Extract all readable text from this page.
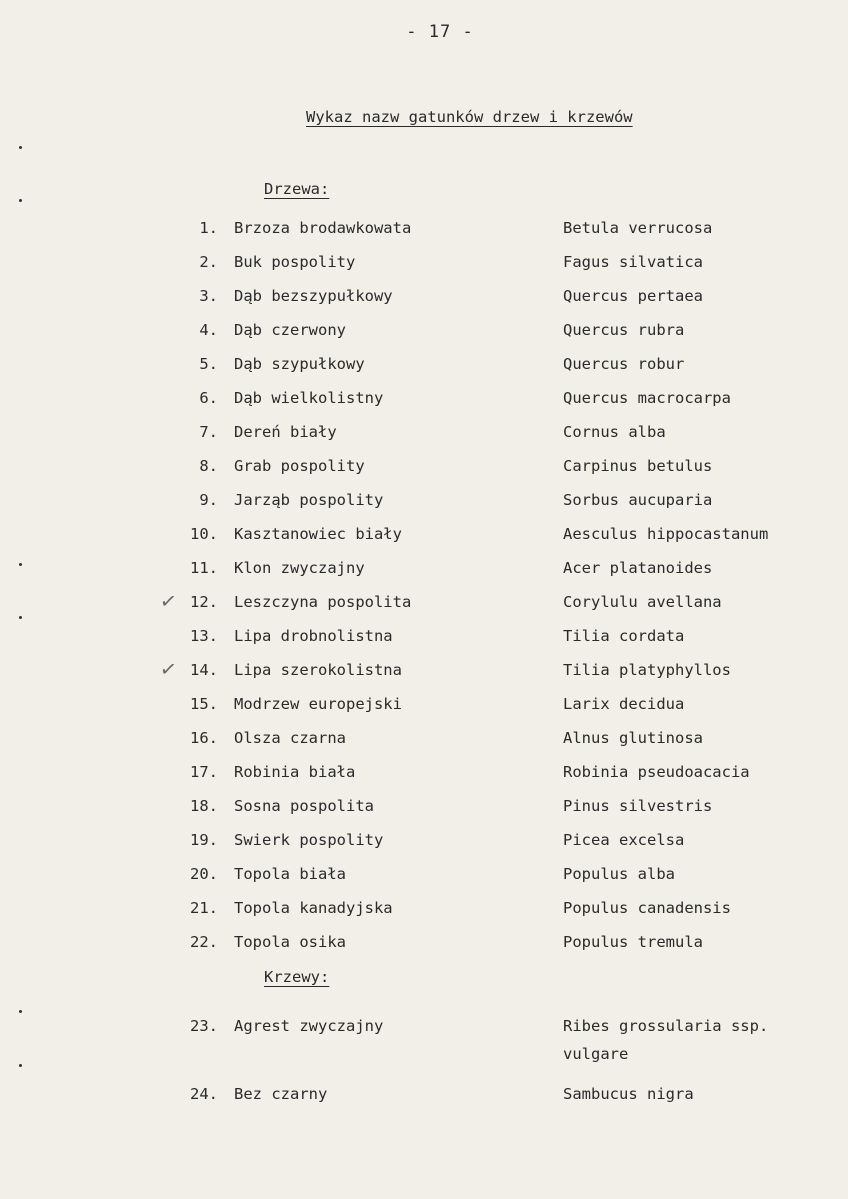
- 17 -
Wykaz nazw gatunków drzew i krzewów
Drzewa:
1. Brzoza brodawkowata	Betula verrucosa
2. Buk pospolity	Fagus silvatica
3. Dąb bezszypułkowy	Quercus pertaea
4. Dąb czerwony	Quercus rubra
5. Dąb szypułkowy	Quercus robur
6. Dąb wielkolistny	Quercus macrocarpa
7. Dereń biały	Cornus alba
8. Grab pospolity	Carpinus betulus
9. Jarząb pospolity	Sorbus aucuparia
10. Kasztanowiec biały	Aesculus hippocastanum
11. Klon zwyczajny	Acer platanoides
✓ 12. Leszczyna pospolita	Corylulu avellana
13. Lipa drobnolistna	Tilia cordata
✓ 14. Lipa szerokolistna	Tilia platyphyllos
15. Modrzew europejski	Larix decidua
16. Olsza czarna	Alnus glutinosa
17. Robinia biała	Robinia pseudoacacia
18. Sosna pospolita	Pinus silvestris
19. Swierk pospolity	Picea excelsa
20. Topola biała	Populus alba
21. Topola kanadyjska	Populus canadensis
22. Topola osika	Populus tremula
Krzewy:
23. Agrest zwyczajny	Ribes grossularia ssp.
vulgare
24. Bez czarny	Sambucus nigra
